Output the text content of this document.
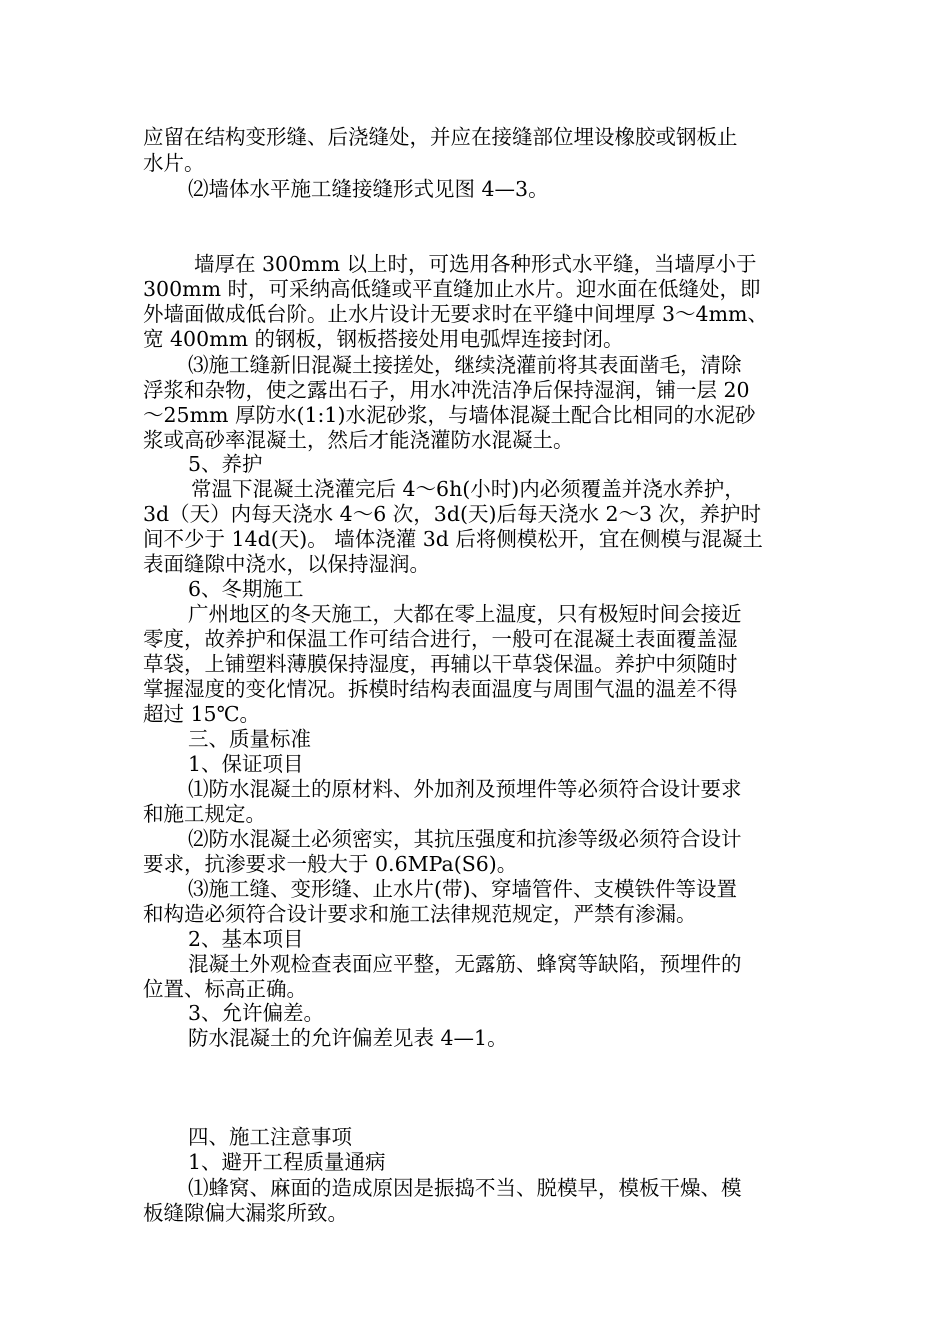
应留在结构变形缝、后浇缝处，并应在接缝部位埋设橡胶或钢板止
水片。
⑵墙体水平施工缝接缝形式见图 4—3。
墙厚在 300mm 以上时，可选用各种形式水平缝，当墙厚小于
300mm 时，可采纳高低缝或平直缝加止水片。迎水面在低缝处，即
外墙面做成低台阶。止水片设计无要求时在平缝中间埋厚 3～4mm、
宽 400mm 的钢板，钢板搭接处用电弧焊连接封闭。
⑶施工缝新旧混凝土接搓处，继续浇灌前将其表面凿毛，清除
浮浆和杂物，使之露出石子，用水冲洗洁净后保持湿润，铺一层 20
～25mm 厚防水(1:1)水泥砂浆，与墙体混凝土配合比相同的水泥砂
浆或高砂率混凝土，然后才能浇灌防水混凝土。
5、养护
常温下混凝土浇灌完后 4～6h(小时)内必须覆盖并浇水养护，
3d（天）内每天浇水 4～6 次，3d(天)后每天浇水 2～3 次，养护时
间不少于 14d(天)。 墙体浇灌 3d 后将侧模松开，宜在侧模与混凝土
表面缝隙中浇水，以保持湿润。
6、冬期施工
广州地区的冬天施工，大都在零上温度，只有极短时间会接近
零度，故养护和保温工作可结合进行，一般可在混凝土表面覆盖湿
草袋，上铺塑料薄膜保持湿度，再辅以干草袋保温。养护中须随时
掌握湿度的变化情况。拆模时结构表面温度与周围气温的温差不得
超过 15℃。
三、质量标准
1、保证项目
⑴防水混凝土的原材料、外加剂及预埋件等必须符合设计要求
和施工规定。
⑵防水混凝土必须密实，其抗压强度和抗渗等级必须符合设计
要求，抗渗要求一般大于 0.6MPa(S6)。
⑶施工缝、变形缝、止水片(带)、穿墙管件、支模铁件等设置
和构造必须符合设计要求和施工法律规范规定，严禁有渗漏。
2、基本项目
混凝土外观检查表面应平整，无露筋、蜂窝等缺陷，预埋件的
位置、标高正确。
3、允许偏差。
防水混凝土的允许偏差见表 4—1。
四、施工注意事项
1、避开工程质量通病
⑴蜂窝、麻面的造成原因是振捣不当、脱模早，模板干燥、模
板缝隙偏大漏浆所致。
